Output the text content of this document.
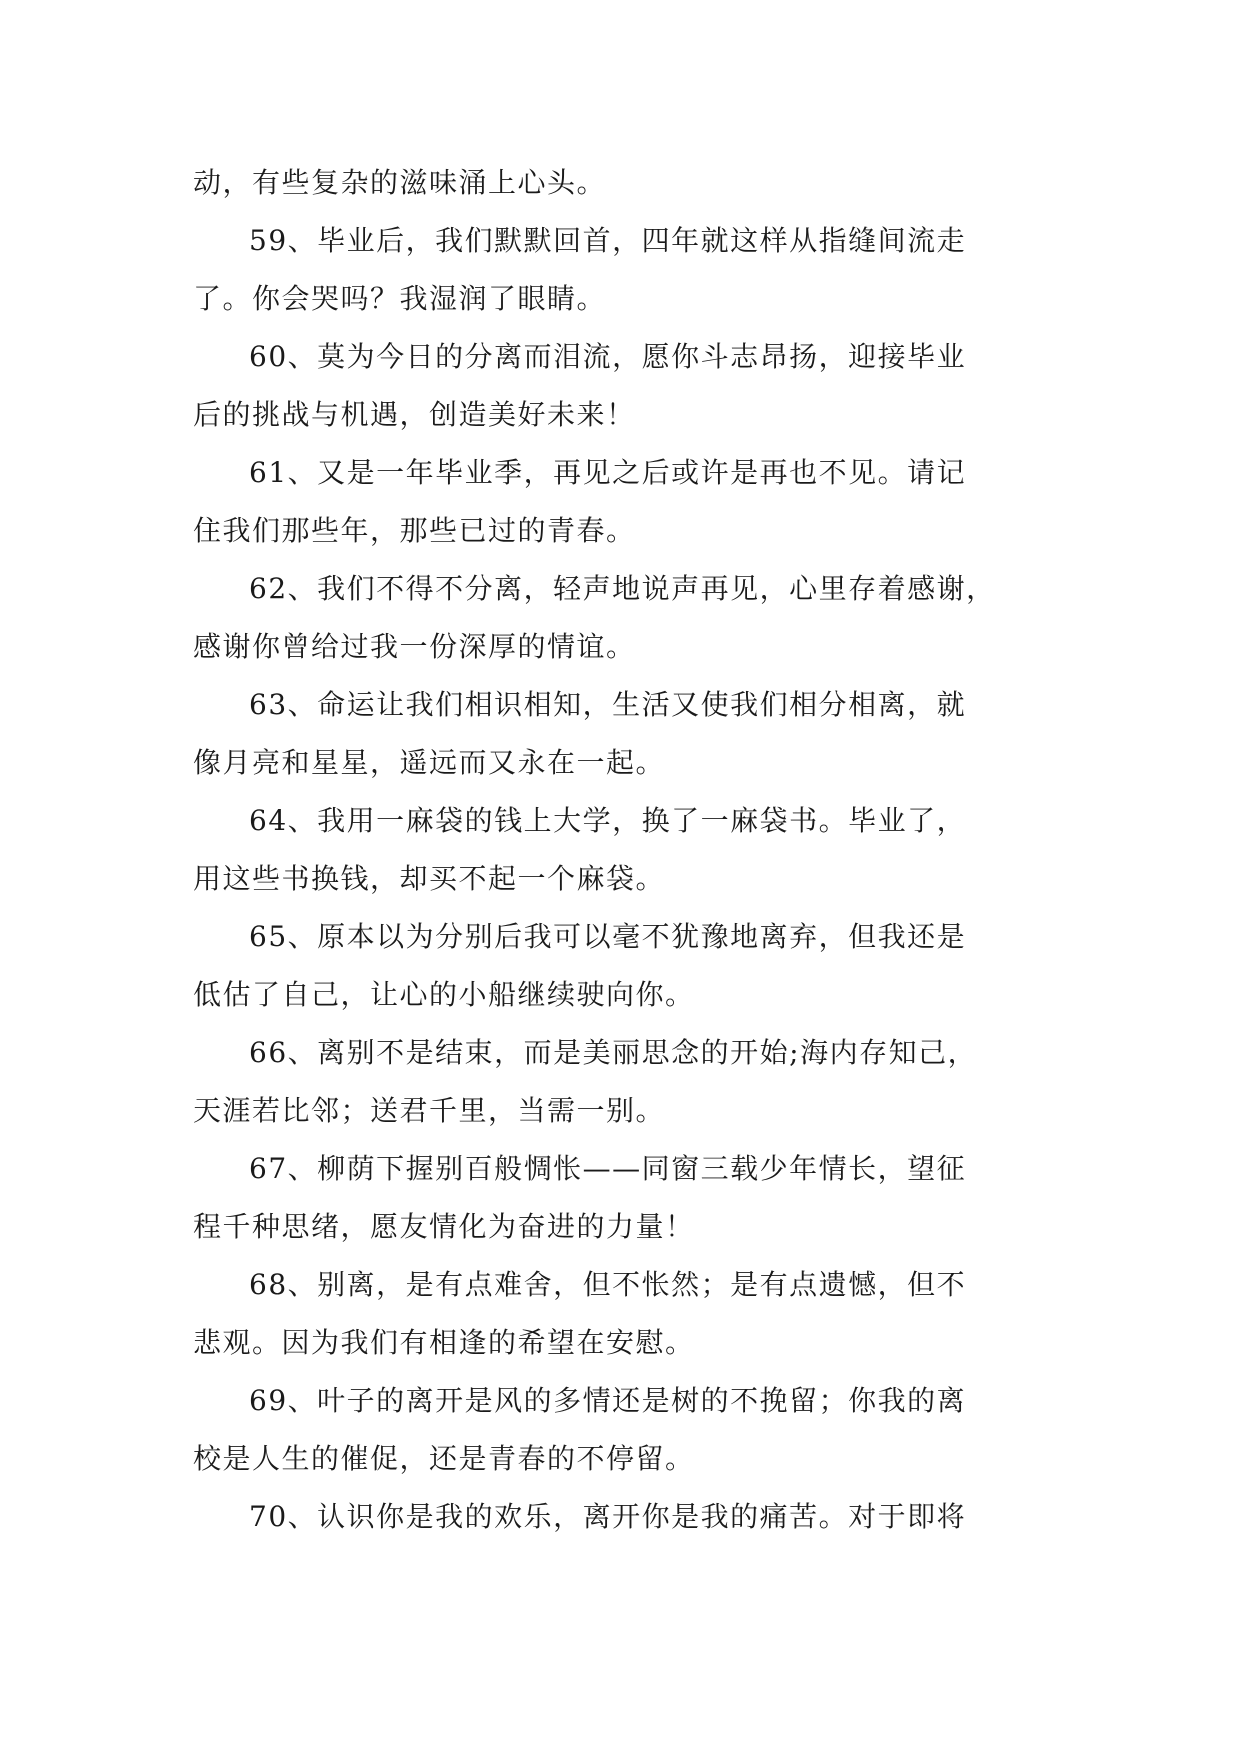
动，有些复杂的滋味涌上心头。
59、毕业后，我们默默回首，四年就这样从指缝间流走
了。你会哭吗？我湿润了眼睛。
60、莫为今日的分离而泪流，愿你斗志昂扬，迎接毕业
后的挑战与机遇，创造美好未来！
61、又是一年毕业季，再见之后或许是再也不见。请记
住我们那些年，那些已过的青春。
62、我们不得不分离，轻声地说声再见，心里存着感谢，
感谢你曾给过我一份深厚的情谊。
63、命运让我们相识相知，生活又使我们相分相离，就
像月亮和星星，遥远而又永在一起。
64、我用一麻袋的钱上大学，换了一麻袋书。毕业了，
用这些书换钱，却买不起一个麻袋。
65、原本以为分别后我可以毫不犹豫地离弃，但我还是
低估了自己，让心的小船继续驶向你。
66、离别不是结束，而是美丽思念的开始;海内存知己，
天涯若比邻；送君千里，当需一别。
67、柳荫下握别百般惆怅——同窗三载少年情长，望征
程千种思绪，愿友情化为奋进的力量！
68、别离，是有点难舍，但不怅然；是有点遗憾，但不
悲观。因为我们有相逢的希望在安慰。
69、叶子的离开是风的多情还是树的不挽留；你我的离
校是人生的催促，还是青春的不停留。
70、认识你是我的欢乐，离开你是我的痛苦。对于即将
